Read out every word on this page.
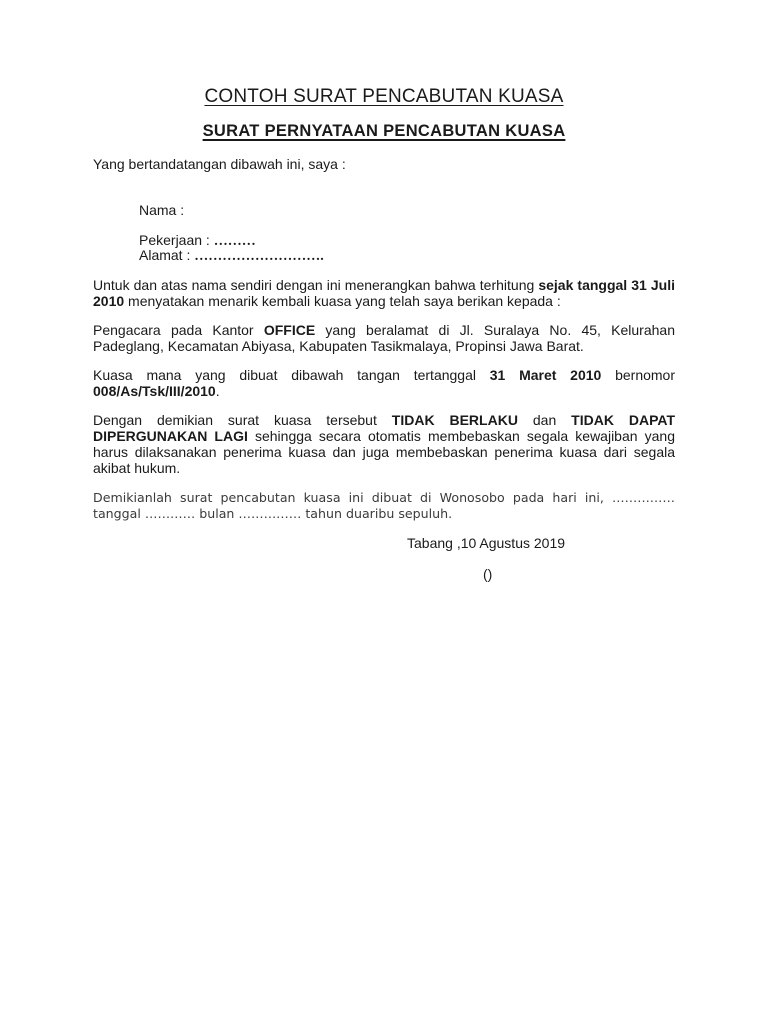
CONTOH SURAT PENCABUTAN KUASA
SURAT PERNYATAAN PENCABUTAN KUASA
Yang bertandatangan dibawah ini, saya :
Nama :
Pekerjaan : ………
Alamat : ……………………….
Untuk dan atas nama sendiri dengan ini menerangkan bahwa terhitung sejak tanggal 31 Juli 2010 menyatakan menarik kembali kuasa yang telah saya berikan kepada :
Pengacara pada Kantor OFFICE yang beralamat di Jl. Suralaya No. 45, Kelurahan Padeglang, Kecamatan Abiyasa, Kabupaten Tasikmalaya, Propinsi Jawa Barat.
Kuasa mana yang dibuat dibawah tangan tertanggal 31 Maret 2010 bernomor 008/As/Tsk/III/2010.
Dengan demikian surat kuasa tersebut TIDAK BERLAKU dan TIDAK DAPAT DIPERGUNAKAN LAGI sehingga secara otomatis membebaskan segala kewajiban yang harus dilaksanakan penerima kuasa dan juga membebaskan penerima kuasa dari segala akibat hukum.
Demikianlah surat pencabutan kuasa ini dibuat di Wonosobo pada hari ini, …………… tanggal ………… bulan …………… tahun duaribu sepuluh.
Tabang ,10 Agustus 2019
()
